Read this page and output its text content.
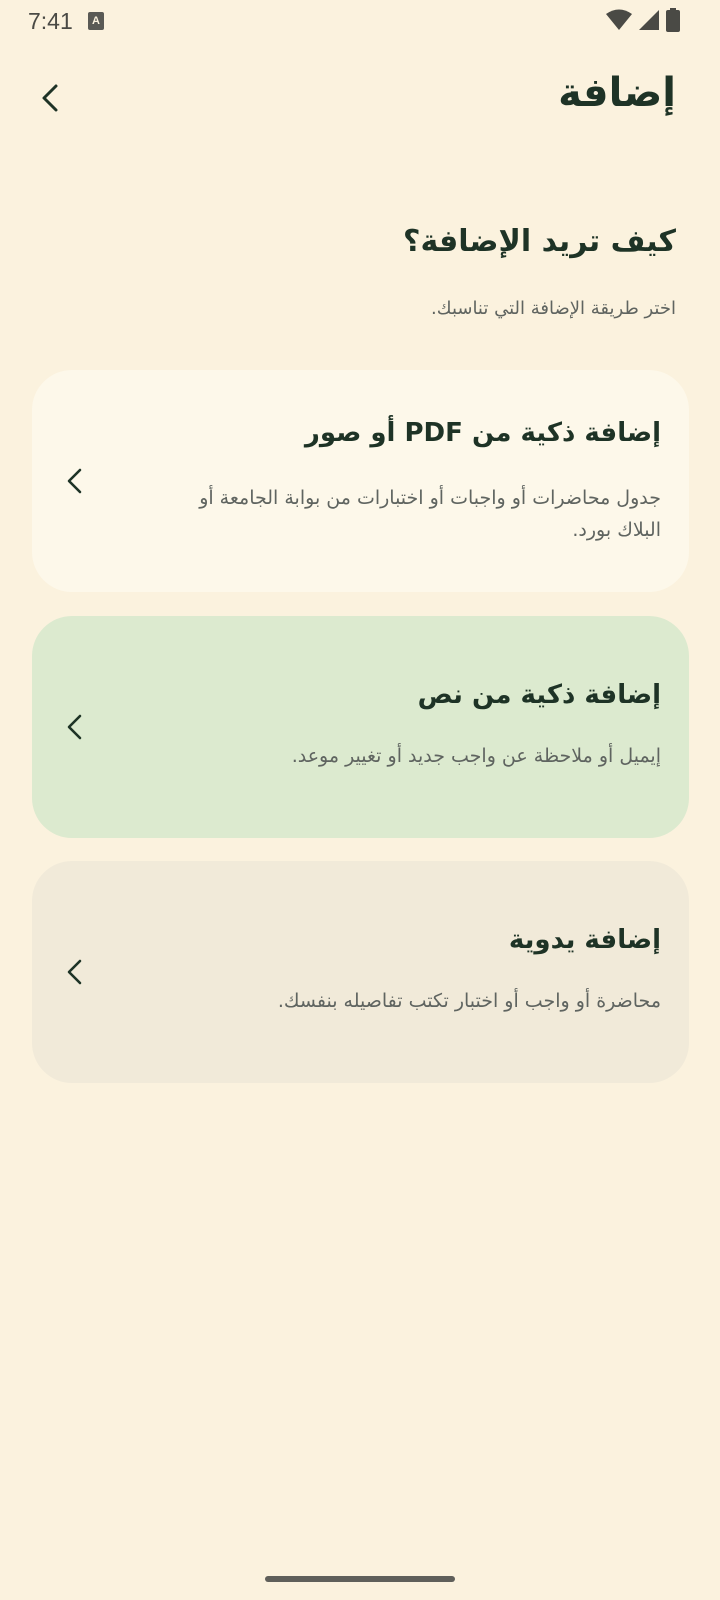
7:41	A
إضافة
كيف تريد الإضافة؟
اختر طريقة الإضافة التي تناسبك.
إضافة ذكية من PDF أو صور
جدول محاضرات أو واجبات أو اختبارات من بوابة الجامعة أو البلاك بورد.
إضافة ذكية من نص
إيميل أو ملاحظة عن واجب جديد أو تغيير موعد.
إضافة يدوية
محاضرة أو واجب أو اختبار تكتب تفاصيله بنفسك.
